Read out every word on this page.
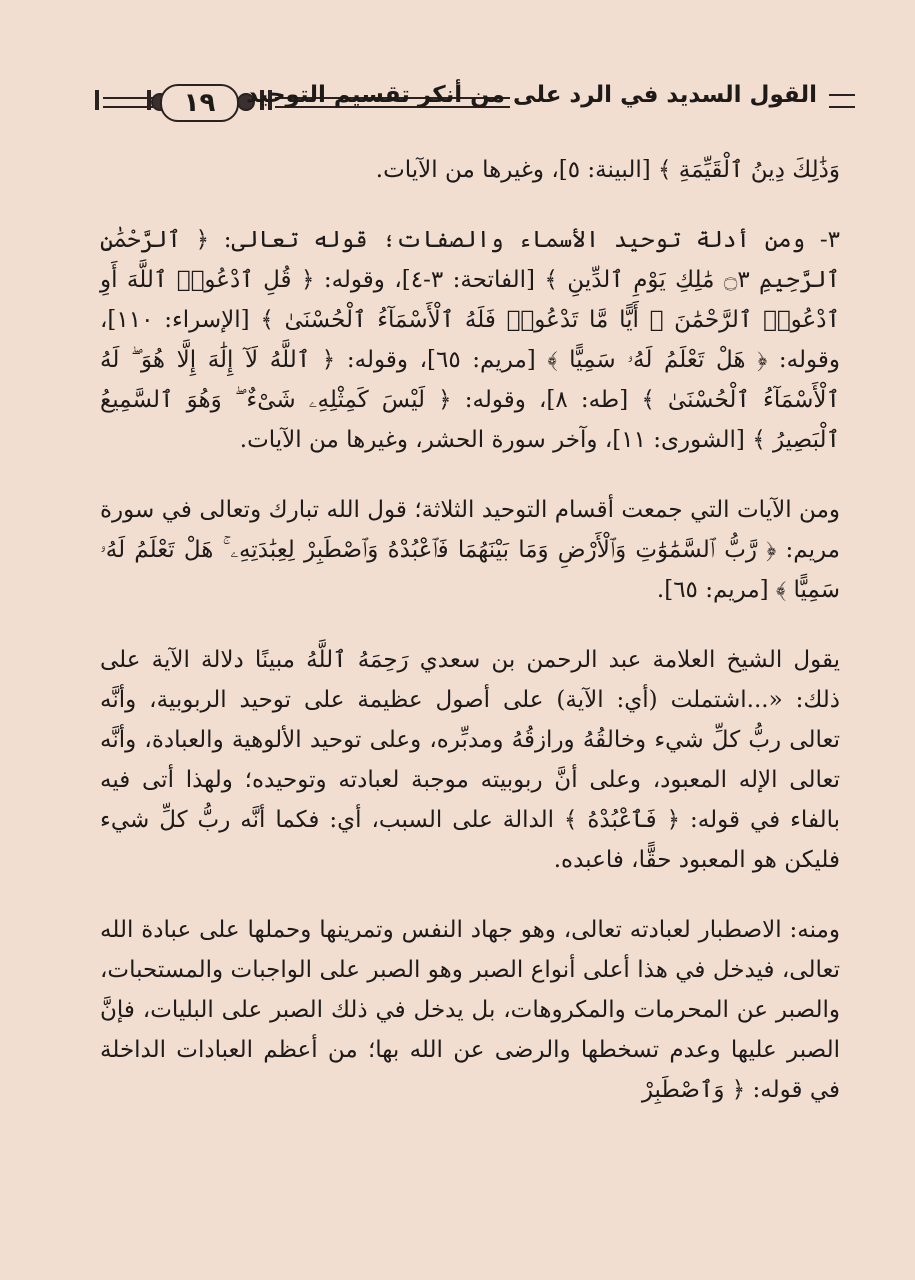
١٩	القول السديد في الرد على من أنكر تقسيم التوحيد

وَذَٰلِكَ دِينُ ٱلْقَيِّمَةِ ﴾ [البينة: ٥]، وغيرها من الآيات.

٣- ومن أدلة توحيد الأسماء والصفات؛ قوله تعالى: ﴿ ٱلرَّحْمَٰنِ ٱلرَّحِيمِ ۝٣ مَٰلِكِ يَوْمِ ٱلدِّينِ ﴾ [الفاتحة: ٣-٤]، وقوله: ﴿ قُلِ ٱدْعُوا۟ ٱللَّهَ أَوِ ٱدْعُوا۟ ٱلرَّحْمَٰنَ ۖ أَيًّا مَّا تَدْعُوا۟ فَلَهُ ٱلْأَسْمَآءُ ٱلْحُسْنَىٰ ﴾ [الإسراء: ١١٠]، وقوله: ﴿ هَلْ تَعْلَمُ لَهُۥ سَمِيًّا ﴾ [مريم: ٦٥]، وقوله: ﴿ ٱللَّهُ لَآ إِلَٰهَ إِلَّا هُوَ ۖ لَهُ ٱلْأَسْمَآءُ ٱلْحُسْنَىٰ ﴾ [طه: ٨]، وقوله: ﴿ لَيْسَ كَمِثْلِهِۦ شَىْءٌ ۖ وَهُوَ ٱلسَّمِيعُ ٱلْبَصِيرُ ﴾ [الشورى: ١١]، وآخر سورة الحشر، وغيرها من الآيات.

ومن الآيات التي جمعت أقسام التوحيد الثلاثة؛ قول الله تبارك وتعالى في سورة مريم: ﴿ رَّبُّ ٱلسَّمَٰوَٰتِ وَٱلْأَرْضِ وَمَا بَيْنَهُمَا فَٱعْبُدْهُ وَٱصْطَبِرْ لِعِبَٰدَتِهِۦ ۚ هَلْ تَعْلَمُ لَهُۥ سَمِيًّا ﴾ [مريم: ٦٥].

يقول الشيخ العلامة عبد الرحمن بن سعدي رَحِمَهُ ٱللَّهُ مبينًا دلالة الآية على ذلك: «...اشتملت (أي: الآية) على أصول عظيمة على توحيد الربوبية، وأنَّه تعالى ربُّ كلِّ شيء وخالقُهُ ورازقُهُ ومدبِّره، وعلى توحيد الألوهية والعبادة، وأنَّه تعالى الإله المعبود، وعلى أنَّ ربوبيته موجبة لعبادته وتوحيده؛ ولهذا أتى فيه بالفاء في قوله: ﴿ فَٱعْبُدْهُ ﴾ الدالة على السبب، أي: فكما أنَّه ربُّ كلِّ شيء فليكن هو المعبود حقًّا، فاعبده.

ومنه: الاصطبار لعبادته تعالى، وهو جهاد النفس وتمرينها وحملها على عبادة الله تعالى، فيدخل في هذا أعلى أنواع الصبر وهو الصبر على الواجبات والمستحبات، والصبر عن المحرمات والمكروهات، بل يدخل في ذلك الصبر على البليات، فإنَّ الصبر عليها وعدم تسخطها والرضى عن الله بها؛ من أعظم العبادات الداخلة في قوله: ﴿ وَٱصْطَبِرْ
